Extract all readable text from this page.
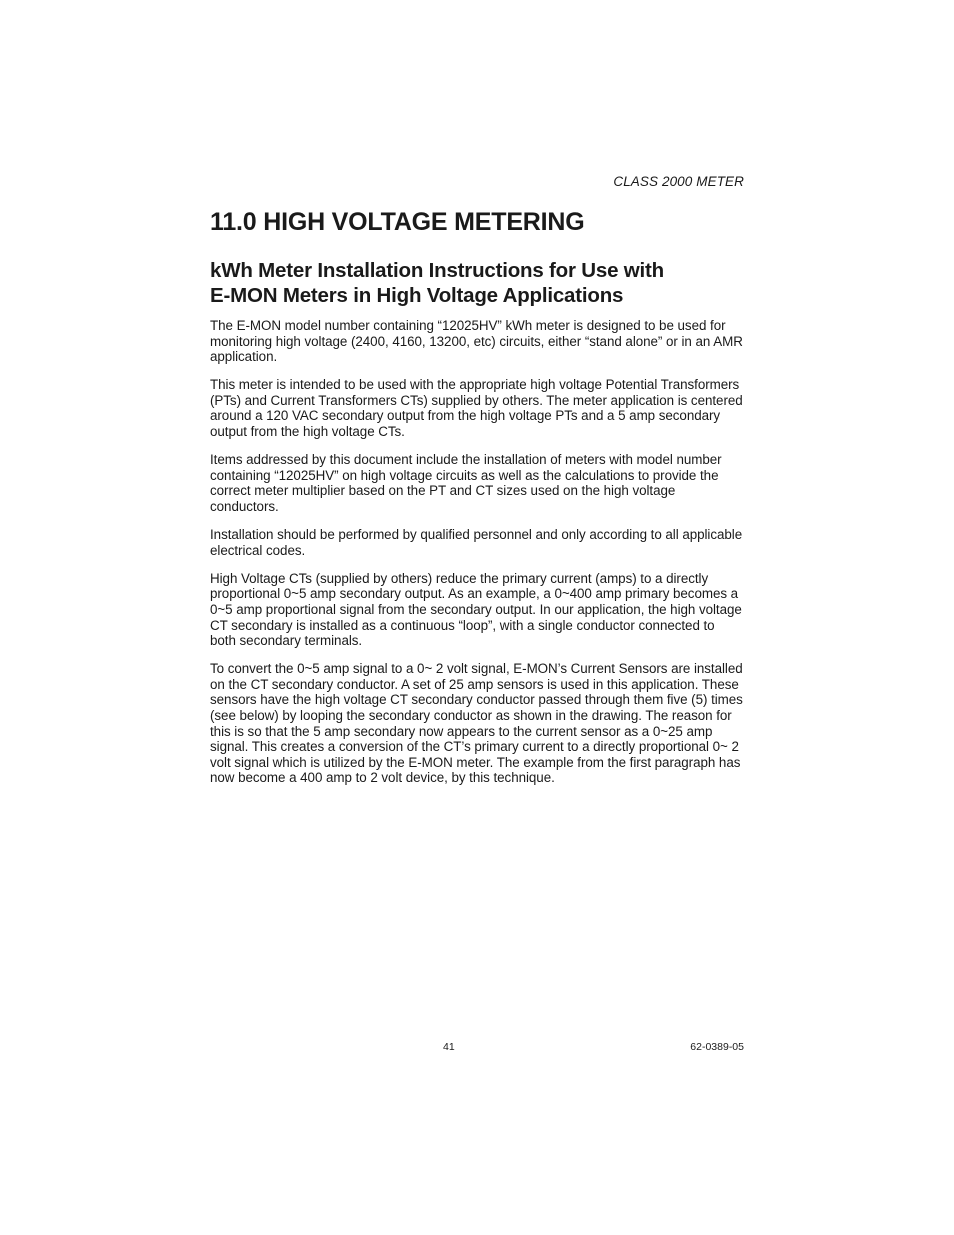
CLASS 2000 METER
11.0 HIGH VOLTAGE METERING
kWh Meter Installation Instructions for Use with
E-MON Meters in High Voltage Applications

The E-MON model number containing “12025HV” kWh meter is designed to be used for monitoring high voltage (2400, 4160, 13200, etc) circuits, either “stand alone” or in an AMR application.

This meter is intended to be used with the appropriate high voltage Potential Transformers (PTs) and Current Transformers CTs) supplied by others. The meter application is centered around a 120 VAC secondary output from the high voltage PTs and a 5 amp secondary output from the high voltage CTs.

Items addressed by this document include the installation of meters with model number containing “12025HV” on high voltage circuits as well as the calculations to provide the correct meter multiplier based on the PT and CT sizes used on the high voltage conductors.

Installation should be performed by qualified personnel and only according to all applicable electrical codes.

High Voltage CTs (supplied by others) reduce the primary current (amps) to a directly proportional 0~5 amp secondary output. As an example, a 0~400 amp primary becomes a 0~5 amp proportional signal from the secondary output. In our application, the high voltage CT secondary is installed as a continuous “loop”, with a single conductor connected to both secondary terminals.

To convert the 0~5 amp signal to a 0~ 2 volt signal, E-MON’s Current Sensors are installed on the CT secondary conductor. A set of 25 amp sensors is used in this application. These sensors have the high voltage CT secondary conductor passed through them five (5) times (see below) by looping the secondary conductor as shown in the drawing. The reason for this is so that the 5 amp secondary now appears to the current sensor as a 0~25 amp signal. This creates a conversion of the CT’s primary current to a directly proportional 0~ 2 volt signal which is utilized by the E-MON meter. The example from the first paragraph has now become a 400 amp to 2 volt device, by this technique.

41	62-0389-05
